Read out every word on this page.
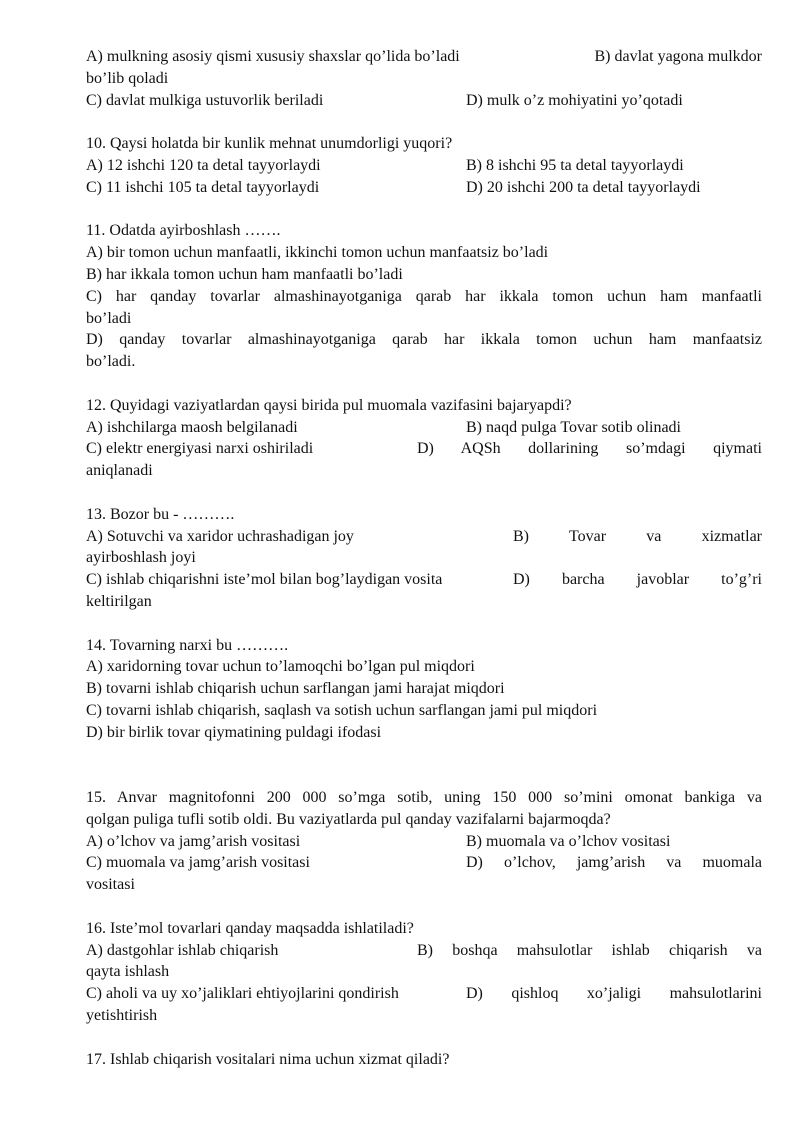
A) mulkning asosiy qismi xususiy shaxslar qo’lida bo’ladi	B) davlat yagona mulkdor
bo’lib qoladi
C) davlat mulkiga ustuvorlik beriladi	D) mulk o’z mohiyatini yo’qotadi
10. Qaysi holatda bir kunlik mehnat unumdorligi yuqori?
A) 12 ishchi 120 ta detal tayyorlaydi	B) 8 ishchi 95 ta detal tayyorlaydi
C) 11 ishchi 105 ta detal tayyorlaydi	D) 20 ishchi 200 ta detal tayyorlaydi
11. Odatda ayirboshlash …….
A) bir tomon uchun manfaatli, ikkinchi tomon uchun manfaatsiz bo’ladi
B) har ikkala tomon uchun ham manfaatli bo’ladi
C) har qanday tovarlar almashinayotganiga qarab har ikkala tomon uchun ham manfaatli
bo’ladi
D) qanday tovarlar almashinayotganiga qarab har ikkala tomon uchun ham manfaatsiz
bo’ladi.
12. Quyidagi vaziyatlardan qaysi birida pul muomala vazifasini bajaryapdi?
A) ishchilarga maosh belgilanadi	B) naqd pulga Tovar sotib olinadi
C) elektr energiyasi narxi oshiriladi	D) AQSh dollarining so’mdagi qiymati
aniqlanadi
13. Bozor bu - ……….
A) Sotuvchi va xaridor uchrashadigan joy	B) Tovar va xizmatlar
ayirboshlash joyi
C) ishlab chiqarishni iste’mol bilan bog’laydigan vosita	D) barcha javoblar to’g’ri
keltirilgan
14. Tovarning narxi bu ……….
A) xaridorning tovar uchun to’lamoqchi bo’lgan pul miqdori
B) tovarni ishlab chiqarish uchun sarflangan jami harajat miqdori
C) tovarni ishlab chiqarish, saqlash va sotish uchun sarflangan jami pul miqdori
D) bir birlik tovar qiymatining puldagi ifodasi
15. Anvar magnitofonni 200 000 so’mga sotib, uning 150 000 so’mini omonat bankiga va
qolgan puliga tufli sotib oldi. Bu vaziyatlarda pul qanday vazifalarni bajarmoqda?
A) o’lchov va jamg’arish vositasi	B) muomala va o’lchov vositasi
C) muomala va jamg’arish vositasi	D) o’lchov, jamg’arish va muomala
vositasi
16. Iste’mol tovarlari qanday maqsadda ishlatiladi?
A) dastgohlar ishlab chiqarish	B) boshqa mahsulotlar ishlab chiqarish va
qayta ishlash
C) aholi va uy xo’jaliklari ehtiyojlarini qondirish	D) qishloq xo’jaligi mahsulotlarini
yetishtirish
17. Ishlab chiqarish vositalari nima uchun xizmat qiladi?
